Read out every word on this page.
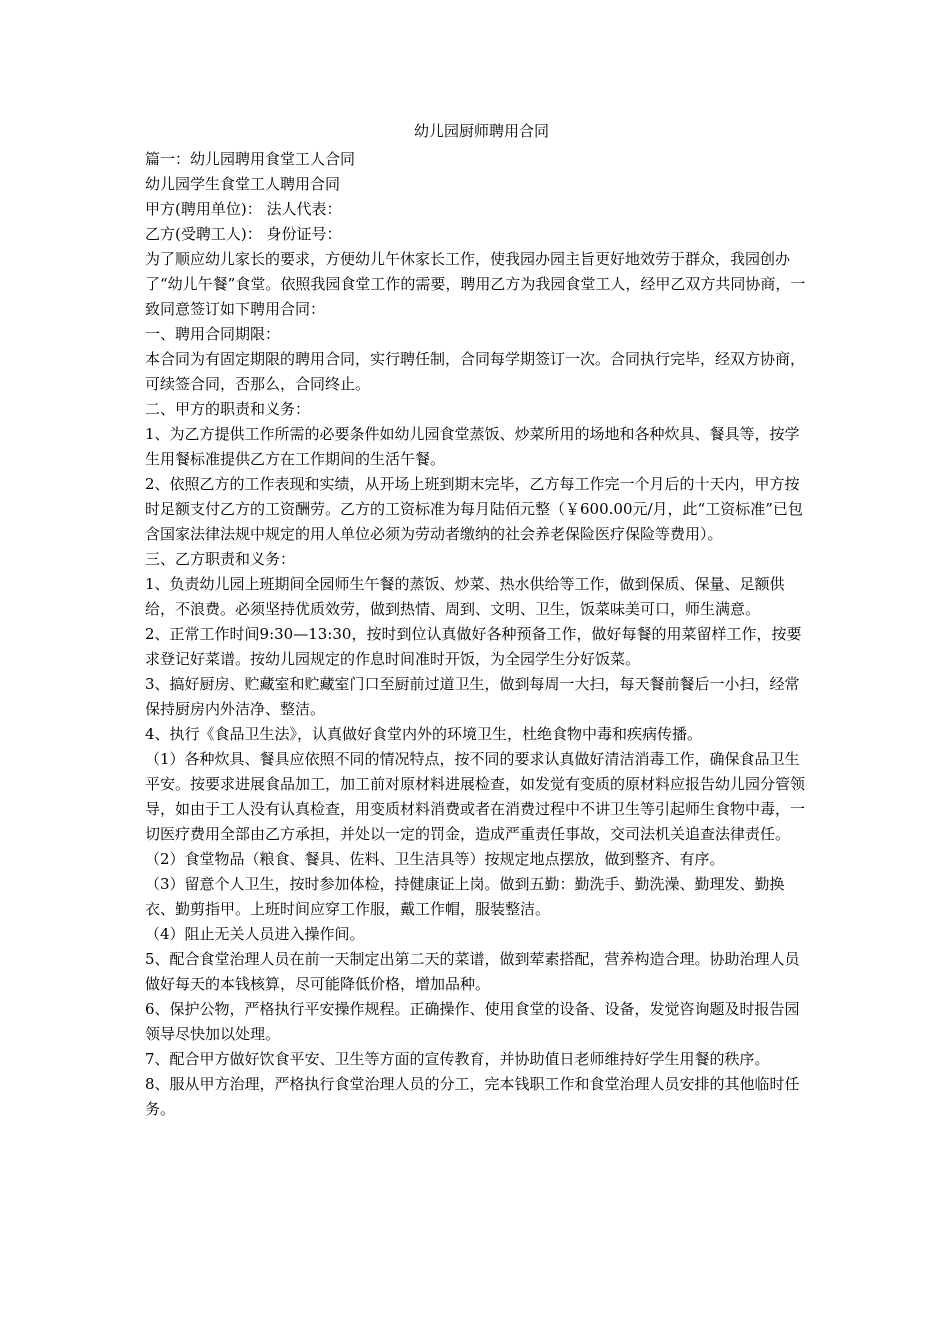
幼儿园厨师聘用合同

篇一：幼儿园聘用食堂工人合同

幼儿园学生食堂工人聘用合同

甲方(聘用单位)： 法人代表：

乙方(受聘工人)： 身份证号：

为了顺应幼儿家长的要求，方便幼儿午休家长工作，使我园办园主旨更好地效劳于群众，我园创办了“幼儿午餐”食堂。依照我园食堂工作的需要，聘用乙方为我园食堂工人，经甲乙双方共同协商，一致同意签订如下聘用合同：

一、聘用合同期限：

本合同为有固定期限的聘用合同，实行聘任制，合同每学期签订一次。合同执行完毕，经双方协商，可续签合同，否那么，合同终止。

二、甲方的职责和义务：

1、为乙方提供工作所需的必要条件如幼儿园食堂蒸饭、炒菜所用的场地和各种炊具、餐具等，按学生用餐标准提供乙方在工作期间的生活午餐。

2、依照乙方的工作表现和实绩，从开场上班到期末完毕，乙方每工作完一个月后的十天内，甲方按时足额支付乙方的工资酬劳。乙方的工资标准为每月陆佰元整（￥600.00元/月，此“工资标准”已包含国家法律法规中规定的用人单位必须为劳动者缴纳的社会养老保险医疗保险等费用）。

三、乙方职责和义务：

1、负责幼儿园上班期间全园师生午餐的蒸饭、炒菜、热水供给等工作，做到保质、保量、足额供给，不浪费。必须坚持优质效劳，做到热情、周到、文明、卫生，饭菜味美可口，师生满意。

2、正常工作时间9:30—13:30，按时到位认真做好各种预备工作，做好每餐的用菜留样工作，按要求登记好菜谱。按幼儿园规定的作息时间准时开饭，为全园学生分好饭菜。

3、搞好厨房、贮藏室和贮藏室门口至厨前过道卫生，做到每周一大扫，每天餐前餐后一小扫，经常保持厨房内外洁净、整洁。

4、执行《食品卫生法》，认真做好食堂内外的环境卫生，杜绝食物中毒和疾病传播。

（1）各种炊具、餐具应依照不同的情况特点，按不同的要求认真做好清洁消毒工作，确保食品卫生平安。按要求进展食品加工，加工前对原材料进展检查，如发觉有变质的原材料应报告幼儿园分管领导，如由于工人没有认真检查，用变质材料消费或者在消费过程中不讲卫生等引起师生食物中毒，一切医疗费用全部由乙方承担，并处以一定的罚金，造成严重责任事故，交司法机关追查法律责任。

（2）食堂物品（粮食、餐具、佐料、卫生洁具等）按规定地点摆放，做到整齐、有序。

（3）留意个人卫生，按时参加体检，持健康证上岗。做到五勤：勤洗手、勤洗澡、勤理发、勤换衣、勤剪指甲。上班时间应穿工作服，戴工作帽，服装整洁。

（4）阻止无关人员进入操作间。

5、配合食堂治理人员在前一天制定出第二天的菜谱，做到荤素搭配，营养构造合理。协助治理人员做好每天的本钱核算，尽可能降低价格，增加品种。

6、保护公物，严格执行平安操作规程。正确操作、使用食堂的设备、设备，发觉咨询题及时报告园领导尽快加以处理。

7、配合甲方做好饮食平安、卫生等方面的宣传教育，并协助值日老师维持好学生用餐的秩序。

8、服从甲方治理，严格执行食堂治理人员的分工，完本钱职工作和食堂治理人员安排的其他临时任务。
